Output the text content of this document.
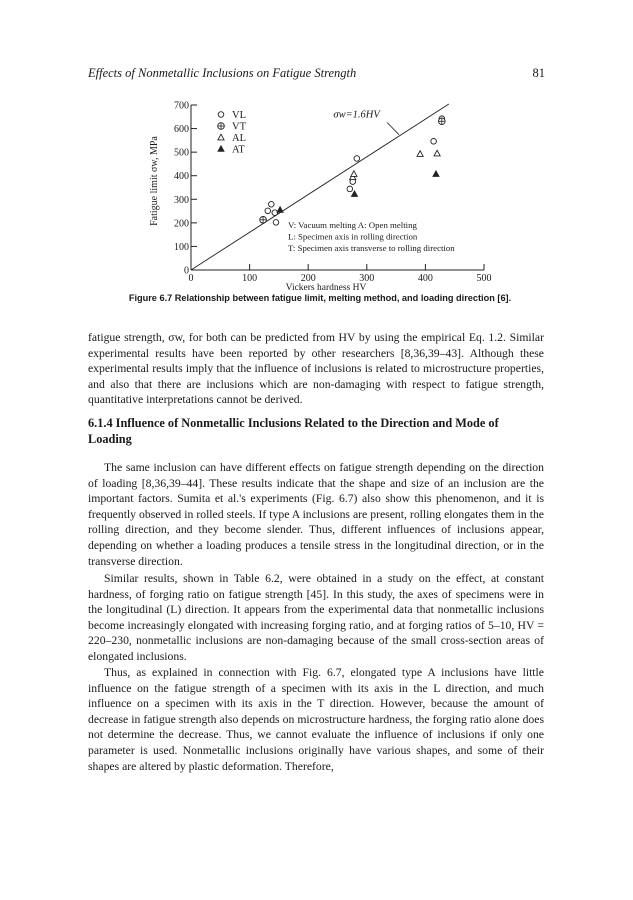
Effects of Nonmetallic Inclusions on Fatigue Strength	81
0	100	200	300	400	500
0
100
200
300
400
500
600
700
σw=1.6HV
VL
VT
AL
AT
V: Vacuum melting A: Open melting
L: Specimen axis in rolling direction
T: Specimen axis transverse to rolling direction
Vickers hardness HV
Fatigue limit σw, MPa
Figure 6.7 Relationship between fatigue limit, melting method, and loading direction [6].

fatigue strength, σw, for both can be predicted from HV by using the empirical Eq. 1.2. Similar experimental results have been reported by other researchers [8,36,39–43]. Although these experimental results imply that the influence of inclusions is related to microstructure properties, and also that there are inclusions which are non-damaging with respect to fatigue strength, quantitative interpretations cannot be derived.

6.1.4 Influence of Nonmetallic Inclusions Related to the Direction and Mode of Loading

The same inclusion can have different effects on fatigue strength depending on the direction of loading [8,36,39–44]. These results indicate that the shape and size of an inclusion are the important factors. Sumita et al.'s experiments (Fig. 6.7) also show this phenomenon, and it is frequently observed in rolled steels. If type A inclusions are present, rolling elongates them in the rolling direction, and they become slender. Thus, different influences of inclusions appear, depending on whether a loading produces a tensile stress in the longitudinal direction, or in the transverse direction.

Similar results, shown in Table 6.2, were obtained in a study on the effect, at constant hardness, of forging ratio on fatigue strength [45]. In this study, the axes of specimens were in the longitudinal (L) direction. It appears from the experimental data that nonmetallic inclusions become increasingly elongated with increasing forging ratio, and at forging ratios of 5–10, HV = 220–230, nonmetallic inclusions are non-damaging because of the small cross-section areas of elongated inclusions.

Thus, as explained in connection with Fig. 6.7, elongated type A inclusions have little influence on the fatigue strength of a specimen with its axis in the L direction, and much influence on a specimen with its axis in the T direction. However, because the amount of decrease in fatigue strength also depends on microstructure hardness, the forging ratio alone does not determine the decrease. Thus, we cannot evaluate the influence of inclusions if only one parameter is used. Nonmetallic inclusions originally have various shapes, and some of their shapes are altered by plastic deformation. Therefore,
